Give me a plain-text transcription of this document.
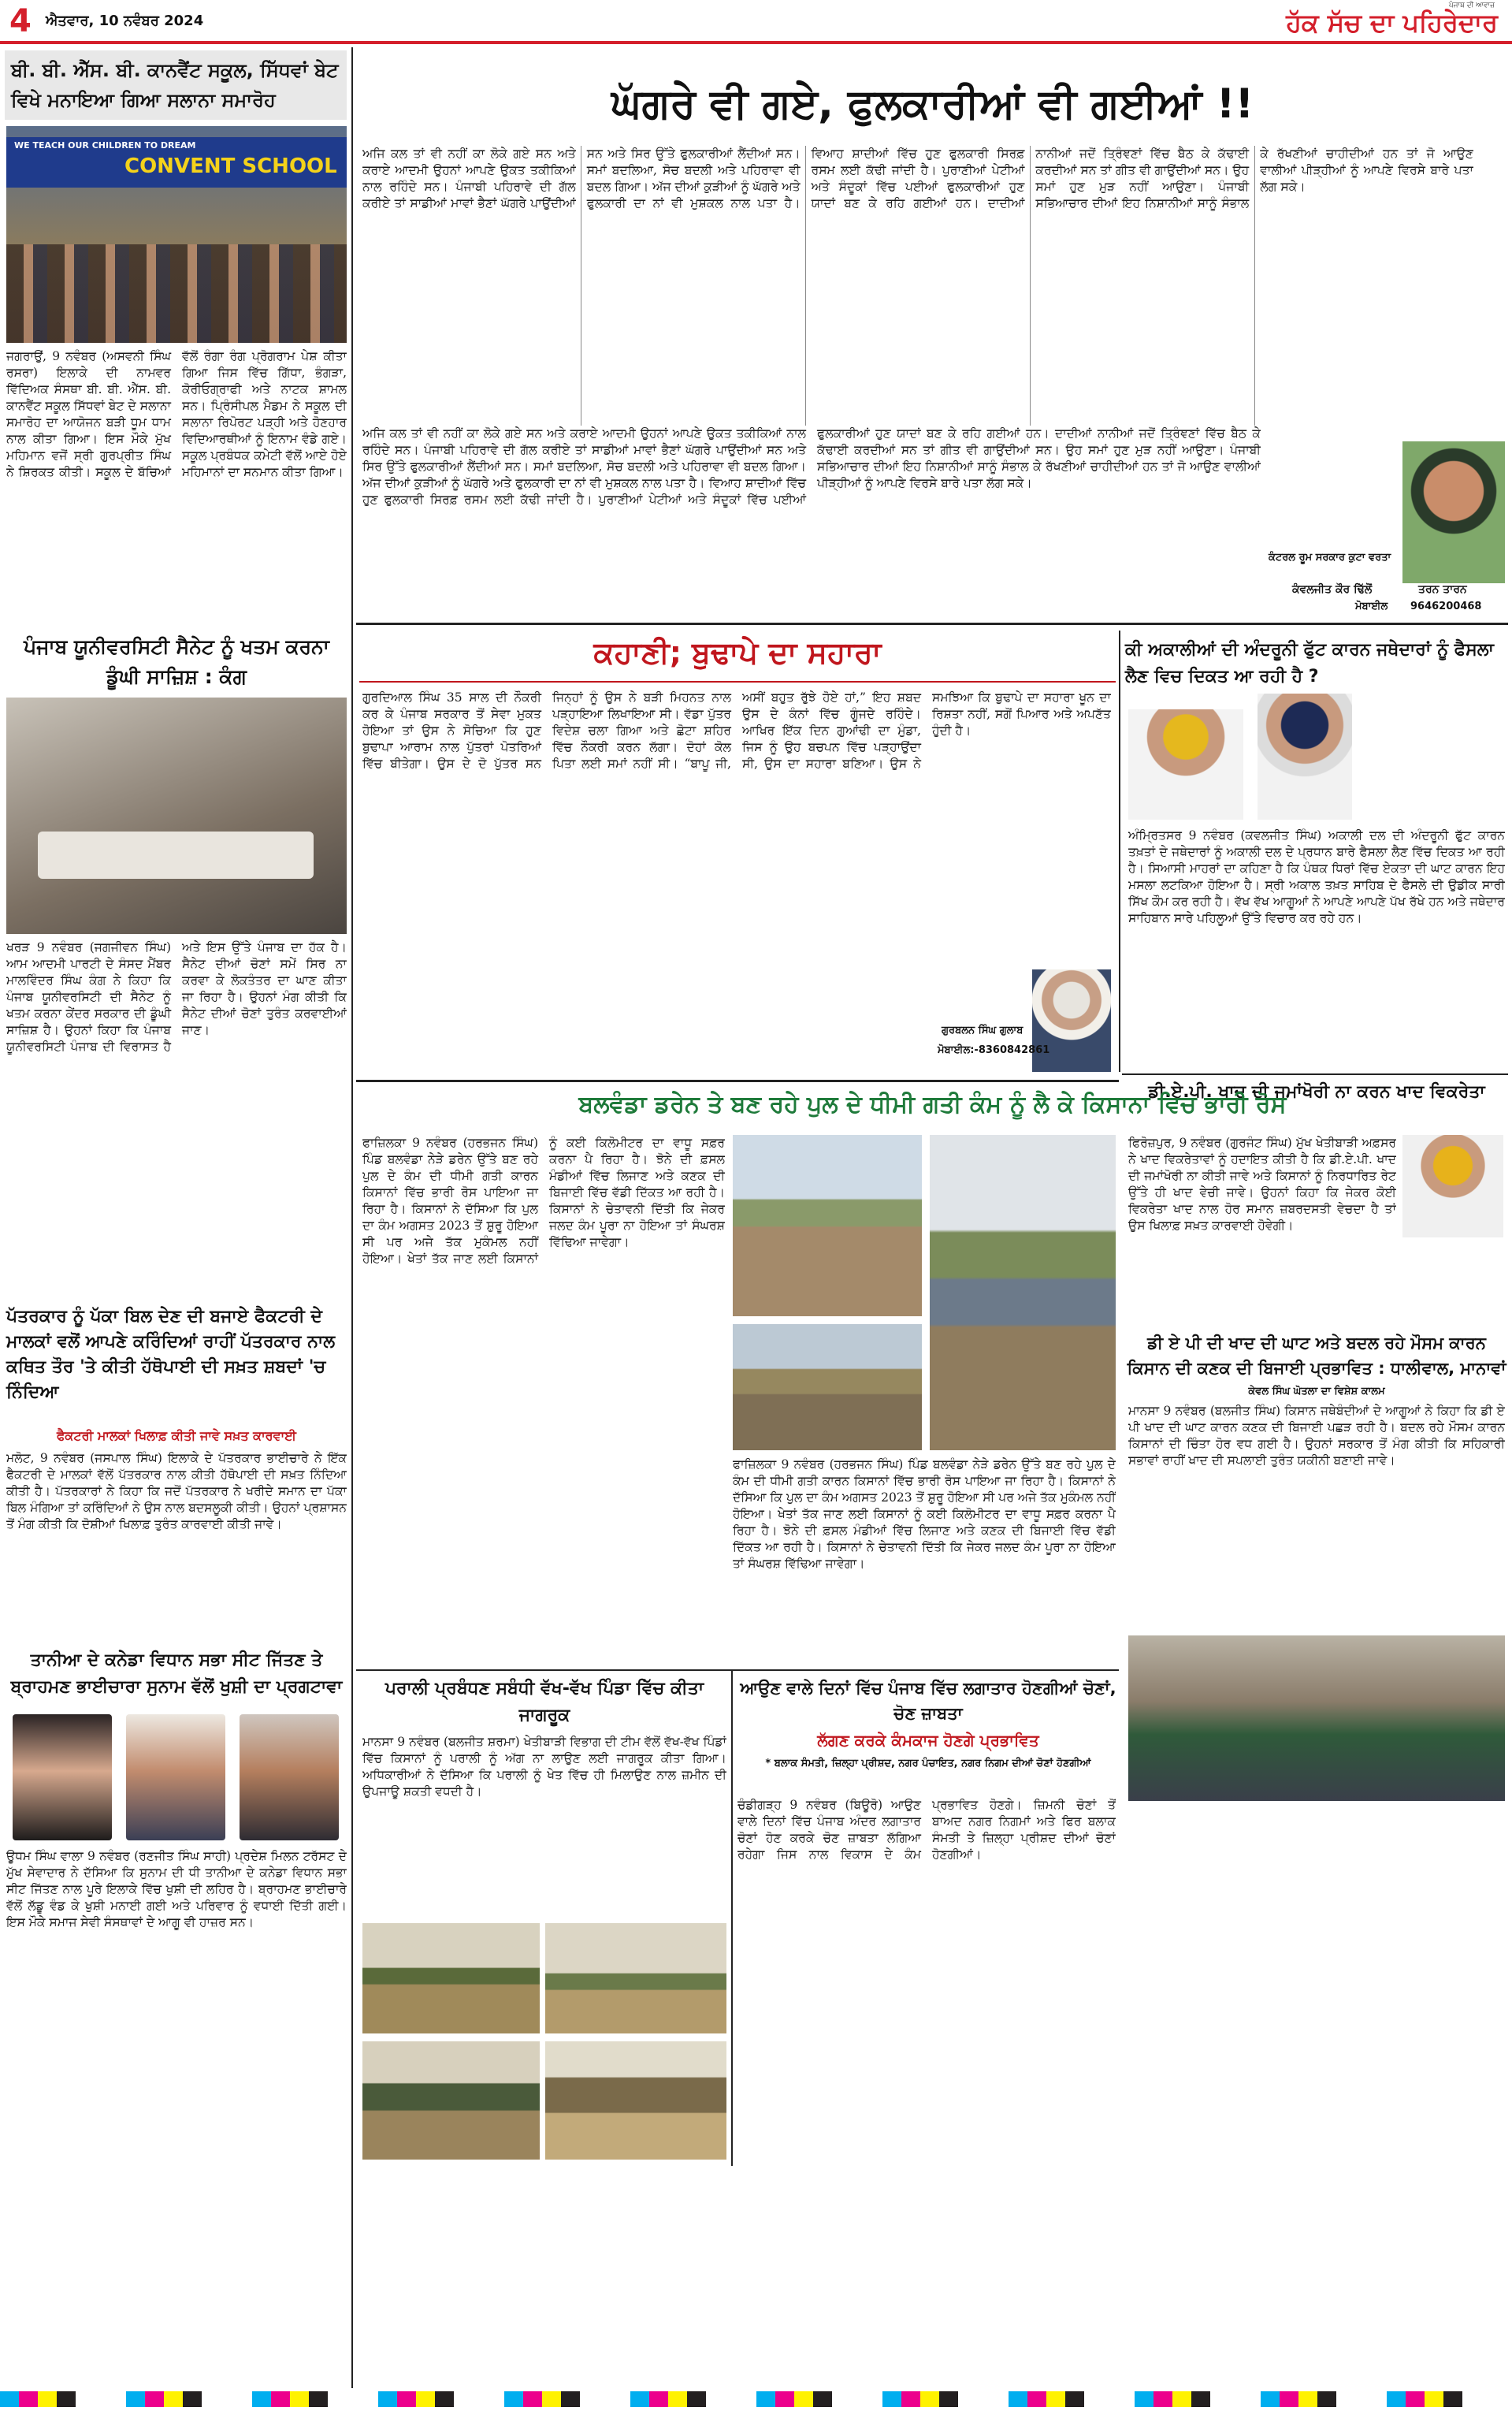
4 ਐਤਵਾਰ, 10 ਨਵੰਬਰ 2024
ਪੰਜਾਬ ਦੀ ਆਵਾਜ਼
ਹੱਕ ਸੱਚ ਦਾ ਪਹਿਰੇਦਾਰ
ਬੀ. ਬੀ. ਐੱਸ. ਬੀ. ਕਾਨਵੈਂਟ ਸਕੂਲ, ਸਿੱਧਵਾਂ ਬੇਟ ਵਿਖੇ ਮਨਾਇਆ ਗਿਆ ਸਲਾਨਾ ਸਮਾਰੋਹ
WE TEACH OUR CHILDREN TO DREAM
CONVENT SCHOOL
ਜਗਰਾਉਂ, 9 ਨਵੰਬਰ (ਅਸਵਨੀ ਸਿੰਘ ਰਸਰਾ) ਇਲਾਕੇ ਦੀ ਨਾਮਵਰ ਵਿੱਦਿਅਕ ਸੰਸਥਾ ਬੀ. ਬੀ. ਐੱਸ. ਬੀ. ਕਾਨਵੈਂਟ ਸਕੂਲ ਸਿੱਧਵਾਂ ਬੇਟ ਦੇ ਸਲਾਨਾ ਸਮਾਰੋਹ ਦਾ ਆਯੋਜਨ ਬੜੀ ਧੂਮ ਧਾਮ ਨਾਲ ਕੀਤਾ ਗਿਆ। ਇਸ ਮੌਕੇ ਮੁੱਖ ਮਹਿਮਾਨ ਵਜੋਂ ਸ੍ਰੀ ਗੁਰਪ੍ਰੀਤ ਸਿੰਘ ਨੇ ਸ਼ਿਰਕਤ ਕੀਤੀ। ਸਕੂਲ ਦੇ ਬੱਚਿਆਂ ਵੱਲੋਂ ਰੰਗਾ ਰੰਗ ਪ੍ਰੋਗਰਾਮ ਪੇਸ਼ ਕੀਤਾ ਗਿਆ ਜਿਸ ਵਿੱਚ ਗਿੱਧਾ, ਭੰਗੜਾ, ਕੋਰੀਓਗ੍ਰਾਫੀ ਅਤੇ ਨਾਟਕ ਸ਼ਾਮਲ ਸਨ। ਪ੍ਰਿੰਸੀਪਲ ਮੈਡਮ ਨੇ ਸਕੂਲ ਦੀ ਸਲਾਨਾ ਰਿਪੋਰਟ ਪੜ੍ਹੀ ਅਤੇ ਹੋਣਹਾਰ ਵਿਦਿਆਰਥੀਆਂ ਨੂੰ ਇਨਾਮ ਵੰਡੇ ਗਏ। ਸਕੂਲ ਪ੍ਰਬੰਧਕ ਕਮੇਟੀ ਵੱਲੋਂ ਆਏ ਹੋਏ ਮਹਿਮਾਨਾਂ ਦਾ ਸਨਮਾਨ ਕੀਤਾ ਗਿਆ।
ਪੰਜਾਬ ਯੂਨੀਵਰਸਿਟੀ ਸੈਨੇਟ ਨੂੰ ਖਤਮ ਕਰਨਾ ਡੂੰਘੀ ਸਾਜ਼ਿਸ਼ : ਕੰਗ
ਖਰੜ 9 ਨਵੰਬਰ (ਜਗਜੀਵਨ ਸਿੰਘ) ਆਮ ਆਦਮੀ ਪਾਰਟੀ ਦੇ ਸੰਸਦ ਮੈਂਬਰ ਮਾਲਵਿੰਦਰ ਸਿੰਘ ਕੰਗ ਨੇ ਕਿਹਾ ਕਿ ਪੰਜਾਬ ਯੂਨੀਵਰਸਿਟੀ ਦੀ ਸੈਨੇਟ ਨੂੰ ਖਤਮ ਕਰਨਾ ਕੇਂਦਰ ਸਰਕਾਰ ਦੀ ਡੂੰਘੀ ਸਾਜ਼ਿਸ਼ ਹੈ। ਉਹਨਾਂ ਕਿਹਾ ਕਿ ਪੰਜਾਬ ਯੂਨੀਵਰਸਿਟੀ ਪੰਜਾਬ ਦੀ ਵਿਰਾਸਤ ਹੈ ਅਤੇ ਇਸ ਉੱਤੇ ਪੰਜਾਬ ਦਾ ਹੱਕ ਹੈ। ਸੈਨੇਟ ਦੀਆਂ ਚੋਣਾਂ ਸਮੇਂ ਸਿਰ ਨਾ ਕਰਵਾ ਕੇ ਲੋਕਤੰਤਰ ਦਾ ਘਾਣ ਕੀਤਾ ਜਾ ਰਿਹਾ ਹੈ। ਉਹਨਾਂ ਮੰਗ ਕੀਤੀ ਕਿ ਸੈਨੇਟ ਦੀਆਂ ਚੋਣਾਂ ਤੁਰੰਤ ਕਰਵਾਈਆਂ ਜਾਣ।
ਪੱਤਰਕਾਰ ਨੂੰ ਪੱਕਾ ਬਿਲ ਦੇਣ ਦੀ ਬਜਾਏ ਫੈਕਟਰੀ ਦੇ ਮਾਲਕਾਂ ਵਲੋਂ ਆਪਣੇ ਕਰਿੰਦਿਆਂ ਰਾਹੀਂ ਪੱਤਰਕਾਰ ਨਾਲ ਕਥਿਤ ਤੌਰ 'ਤੇ ਕੀਤੀ ਹੱਥੋਪਾਈ ਦੀ ਸਖ਼ਤ ਸ਼ਬਦਾਂ 'ਚ ਨਿੰਦਿਆ
ਫੈਕਟਰੀ ਮਾਲਕਾਂ ਖਿਲਾਫ਼ ਕੀਤੀ ਜਾਵੇ ਸਖ਼ਤ ਕਾਰਵਾਈ
ਮਲੋਟ, 9 ਨਵੰਬਰ (ਜਸਪਾਲ ਸਿੰਘ) ਇਲਾਕੇ ਦੇ ਪੱਤਰਕਾਰ ਭਾਈਚਾਰੇ ਨੇ ਇੱਕ ਫੈਕਟਰੀ ਦੇ ਮਾਲਕਾਂ ਵੱਲੋਂ ਪੱਤਰਕਾਰ ਨਾਲ ਕੀਤੀ ਹੱਥੋਪਾਈ ਦੀ ਸਖ਼ਤ ਨਿੰਦਿਆ ਕੀਤੀ ਹੈ। ਪੱਤਰਕਾਰਾਂ ਨੇ ਕਿਹਾ ਕਿ ਜਦੋਂ ਪੱਤਰਕਾਰ ਨੇ ਖਰੀਦੇ ਸਮਾਨ ਦਾ ਪੱਕਾ ਬਿਲ ਮੰਗਿਆ ਤਾਂ ਕਰਿੰਦਿਆਂ ਨੇ ਉਸ ਨਾਲ ਬਦਸਲੂਕੀ ਕੀਤੀ। ਉਹਨਾਂ ਪ੍ਰਸ਼ਾਸਨ ਤੋਂ ਮੰਗ ਕੀਤੀ ਕਿ ਦੋਸ਼ੀਆਂ ਖਿਲਾਫ਼ ਤੁਰੰਤ ਕਾਰਵਾਈ ਕੀਤੀ ਜਾਵੇ।
ਤਾਨੀਆ ਦੇ ਕਨੇਡਾ ਵਿਧਾਨ ਸਭਾ ਸੀਟ ਜਿੱਤਣ ਤੇ ਬ੍ਰਾਹਮਣ ਭਾਈਚਾਰਾ ਸੁਨਾਮ ਵੱਲੋਂ ਖੁਸ਼ੀ ਦਾ ਪ੍ਰਗਟਾਵਾ
ਊਧਮ ਸਿੰਘ ਵਾਲਾ 9 ਨਵੰਬਰ (ਰਣਜੀਤ ਸਿੰਘ ਸਾਹੀ) ਪ੍ਰਦੇਸ਼ ਮਿਲਨ ਟਰੱਸਟ ਦੇ ਮੁੱਖ ਸੇਵਾਦਾਰ ਨੇ ਦੱਸਿਆ ਕਿ ਸੁਨਾਮ ਦੀ ਧੀ ਤਾਨੀਆ ਦੇ ਕਨੇਡਾ ਵਿਧਾਨ ਸਭਾ ਸੀਟ ਜਿੱਤਣ ਨਾਲ ਪੂਰੇ ਇਲਾਕੇ ਵਿੱਚ ਖੁਸ਼ੀ ਦੀ ਲਹਿਰ ਹੈ। ਬ੍ਰਾਹਮਣ ਭਾਈਚਾਰੇ ਵੱਲੋਂ ਲੱਡੂ ਵੰਡ ਕੇ ਖੁਸ਼ੀ ਮਨਾਈ ਗਈ ਅਤੇ ਪਰਿਵਾਰ ਨੂੰ ਵਧਾਈ ਦਿੱਤੀ ਗਈ। ਇਸ ਮੌਕੇ ਸਮਾਜ ਸੇਵੀ ਸੰਸਥਾਵਾਂ ਦੇ ਆਗੂ ਵੀ ਹਾਜ਼ਰ ਸਨ।
ਘੱਗਰੇ ਵੀ ਗਏ, ਫੁਲਕਾਰੀਆਂ ਵੀ ਗਈਆਂ !!
ਅਜਿ ਕਲ ਤਾਂ ਵੀ ਨਹੀਂ ਕਾ ਲੋਕੇ ਗਏ ਸਨ ਅਤੇ ਕਰਾਏ ਆਦਮੀ ਉਹਨਾਂ ਆਪਣੇ ਉਕਤ ਤਕੀਕਿਆਂ ਨਾਲ ਰਹਿੰਦੇ ਸਨ। ਪੰਜਾਬੀ ਪਹਿਰਾਵੇ ਦੀ ਗੱਲ ਕਰੀਏ ਤਾਂ ਸਾਡੀਆਂ ਮਾਵਾਂ ਭੈਣਾਂ ਘੱਗਰੇ ਪਾਉਂਦੀਆਂ ਸਨ ਅਤੇ ਸਿਰ ਉੱਤੇ ਫੁਲਕਾਰੀਆਂ ਲੈਂਦੀਆਂ ਸਨ। ਸਮਾਂ ਬਦਲਿਆ, ਸੋਚ ਬਦਲੀ ਅਤੇ ਪਹਿਰਾਵਾ ਵੀ ਬਦਲ ਗਿਆ। ਅੱਜ ਦੀਆਂ ਕੁੜੀਆਂ ਨੂੰ ਘੱਗਰੇ ਅਤੇ ਫੁਲਕਾਰੀ ਦਾ ਨਾਂ ਵੀ ਮੁਸ਼ਕਲ ਨਾਲ ਪਤਾ ਹੈ। ਵਿਆਹ ਸ਼ਾਦੀਆਂ ਵਿੱਚ ਹੁਣ ਫੁਲਕਾਰੀ ਸਿਰਫ਼ ਰਸਮ ਲਈ ਕੱਢੀ ਜਾਂਦੀ ਹੈ। ਪੁਰਾਣੀਆਂ ਪੇਟੀਆਂ ਅਤੇ ਸੰਦੂਕਾਂ ਵਿੱਚ ਪਈਆਂ ਫੁਲਕਾਰੀਆਂ ਹੁਣ ਯਾਦਾਂ ਬਣ ਕੇ ਰਹਿ ਗਈਆਂ ਹਨ। ਦਾਦੀਆਂ ਨਾਨੀਆਂ ਜਦੋਂ ਤ੍ਰਿੰਞਣਾਂ ਵਿੱਚ ਬੈਠ ਕੇ ਕੱਢਾਈ ਕਰਦੀਆਂ ਸਨ ਤਾਂ ਗੀਤ ਵੀ ਗਾਉਂਦੀਆਂ ਸਨ। ਉਹ ਸਮਾਂ ਹੁਣ ਮੁੜ ਨਹੀਂ ਆਉਣਾ। ਪੰਜਾਬੀ ਸਭਿਆਚਾਰ ਦੀਆਂ ਇਹ ਨਿਸ਼ਾਨੀਆਂ ਸਾਨੂੰ ਸੰਭਾਲ ਕੇ ਰੱਖਣੀਆਂ ਚਾਹੀਦੀਆਂ ਹਨ ਤਾਂ ਜੋ ਆਉਣ ਵਾਲੀਆਂ ਪੀੜ੍ਹੀਆਂ ਨੂੰ ਆਪਣੇ ਵਿਰਸੇ ਬਾਰੇ ਪਤਾ ਲੱਗ ਸਕੇ।
ਅਜਿ ਕਲ ਤਾਂ ਵੀ ਨਹੀਂ ਕਾ ਲੋਕੇ ਗਏ ਸਨ ਅਤੇ ਕਰਾਏ ਆਦਮੀ ਉਹਨਾਂ ਆਪਣੇ ਉਕਤ ਤਕੀਕਿਆਂ ਨਾਲ ਰਹਿੰਦੇ ਸਨ। ਪੰਜਾਬੀ ਪਹਿਰਾਵੇ ਦੀ ਗੱਲ ਕਰੀਏ ਤਾਂ ਸਾਡੀਆਂ ਮਾਵਾਂ ਭੈਣਾਂ ਘੱਗਰੇ ਪਾਉਂਦੀਆਂ ਸਨ ਅਤੇ ਸਿਰ ਉੱਤੇ ਫੁਲਕਾਰੀਆਂ ਲੈਂਦੀਆਂ ਸਨ। ਸਮਾਂ ਬਦਲਿਆ, ਸੋਚ ਬਦਲੀ ਅਤੇ ਪਹਿਰਾਵਾ ਵੀ ਬਦਲ ਗਿਆ। ਅੱਜ ਦੀਆਂ ਕੁੜੀਆਂ ਨੂੰ ਘੱਗਰੇ ਅਤੇ ਫੁਲਕਾਰੀ ਦਾ ਨਾਂ ਵੀ ਮੁਸ਼ਕਲ ਨਾਲ ਪਤਾ ਹੈ। ਵਿਆਹ ਸ਼ਾਦੀਆਂ ਵਿੱਚ ਹੁਣ ਫੁਲਕਾਰੀ ਸਿਰਫ਼ ਰਸਮ ਲਈ ਕੱਢੀ ਜਾਂਦੀ ਹੈ। ਪੁਰਾਣੀਆਂ ਪੇਟੀਆਂ ਅਤੇ ਸੰਦੂਕਾਂ ਵਿੱਚ ਪਈਆਂ ਫੁਲਕਾਰੀਆਂ ਹੁਣ ਯਾਦਾਂ ਬਣ ਕੇ ਰਹਿ ਗਈਆਂ ਹਨ। ਦਾਦੀਆਂ ਨਾਨੀਆਂ ਜਦੋਂ ਤ੍ਰਿੰਞਣਾਂ ਵਿੱਚ ਬੈਠ ਕੇ ਕੱਢਾਈ ਕਰਦੀਆਂ ਸਨ ਤਾਂ ਗੀਤ ਵੀ ਗਾਉਂਦੀਆਂ ਸਨ। ਉਹ ਸਮਾਂ ਹੁਣ ਮੁੜ ਨਹੀਂ ਆਉਣਾ। ਪੰਜਾਬੀ ਸਭਿਆਚਾਰ ਦੀਆਂ ਇਹ ਨਿਸ਼ਾਨੀਆਂ ਸਾਨੂੰ ਸੰਭਾਲ ਕੇ ਰੱਖਣੀਆਂ ਚਾਹੀਦੀਆਂ ਹਨ ਤਾਂ ਜੋ ਆਉਣ ਵਾਲੀਆਂ ਪੀੜ੍ਹੀਆਂ ਨੂੰ ਆਪਣੇ ਵਿਰਸੇ ਬਾਰੇ ਪਤਾ ਲੱਗ ਸਕੇ।
ਕੰਵਲਜੀਤ ਕੌਰ ਢਿੱਲੋਂ	ਤਰਨ ਤਾਰਨ
ਮੋਬਾਈਲ 9646200468
ਕੰਟਰਲ ਰੂਮ ਸਰਕਾਰ ਕੁਟਾ ਵਰਤਾ
ਕਹਾਣੀ; ਬੁਢਾਪੇ ਦਾ ਸਹਾਰਾ
ਗੁਰਦਿਆਲ ਸਿੰਘ 35 ਸਾਲ ਦੀ ਨੌਕਰੀ ਕਰ ਕੇ ਪੰਜਾਬ ਸਰਕਾਰ ਤੋਂ ਸੇਵਾ ਮੁਕਤ ਹੋਇਆ ਤਾਂ ਉਸ ਨੇ ਸੋਚਿਆ ਕਿ ਹੁਣ ਬੁਢਾਪਾ ਆਰਾਮ ਨਾਲ ਪੁੱਤਰਾਂ ਪੋਤਰਿਆਂ ਵਿੱਚ ਬੀਤੇਗਾ। ਉਸ ਦੇ ਦੋ ਪੁੱਤਰ ਸਨ ਜਿਨ੍ਹਾਂ ਨੂੰ ਉਸ ਨੇ ਬੜੀ ਮਿਹਨਤ ਨਾਲ ਪੜ੍ਹਾਇਆ ਲਿਖਾਇਆ ਸੀ। ਵੱਡਾ ਪੁੱਤਰ ਵਿਦੇਸ਼ ਚਲਾ ਗਿਆ ਅਤੇ ਛੋਟਾ ਸ਼ਹਿਰ ਵਿੱਚ ਨੌਕਰੀ ਕਰਨ ਲੱਗਾ। ਦੋਹਾਂ ਕੋਲ ਪਿਤਾ ਲਈ ਸਮਾਂ ਨਹੀਂ ਸੀ। “ਬਾਪੂ ਜੀ, ਅਸੀਂ ਬਹੁਤ ਰੁੱਝੇ ਹੋਏ ਹਾਂ,” ਇਹ ਸ਼ਬਦ ਉਸ ਦੇ ਕੰਨਾਂ ਵਿੱਚ ਗੂੰਜਦੇ ਰਹਿੰਦੇ। ਆਖਿਰ ਇੱਕ ਦਿਨ ਗੁਆਂਢੀ ਦਾ ਮੁੰਡਾ, ਜਿਸ ਨੂੰ ਉਹ ਬਚਪਨ ਵਿੱਚ ਪੜ੍ਹਾਉਂਦਾ ਸੀ, ਉਸ ਦਾ ਸਹਾਰਾ ਬਣਿਆ। ਉਸ ਨੇ ਸਮਝਿਆ ਕਿ ਬੁਢਾਪੇ ਦਾ ਸਹਾਰਾ ਖੂਨ ਦਾ ਰਿਸ਼ਤਾ ਨਹੀਂ, ਸਗੋਂ ਪਿਆਰ ਅਤੇ ਅਪਣੱਤ ਹੁੰਦੀ ਹੈ।
ਗੁਰਬਲਨ ਸਿੰਘ ਗੁਲਾਬ
ਮੋਬਾਈਲ:-8360842861
ਕੀ ਅਕਾਲੀਆਂ ਦੀ ਅੰਦਰੂਨੀ ਫੁੱਟ ਕਾਰਨ ਜਥੇਦਾਰਾਂ ਨੂੰ ਫੈਸਲਾ ਲੈਣ ਵਿਚ ਦਿਕਤ ਆ ਰਹੀ ਹੈ ?
ਅੰਮ੍ਰਿਤਸਰ 9 ਨਵੰਬਰ (ਕਵਲਜੀਤ ਸਿੰਘ) ਅਕਾਲੀ ਦਲ ਦੀ ਅੰਦਰੂਨੀ ਫੁੱਟ ਕਾਰਨ ਤਖ਼ਤਾਂ ਦੇ ਜਥੇਦਾਰਾਂ ਨੂੰ ਅਕਾਲੀ ਦਲ ਦੇ ਪ੍ਰਧਾਨ ਬਾਰੇ ਫੈਸਲਾ ਲੈਣ ਵਿੱਚ ਦਿਕਤ ਆ ਰਹੀ ਹੈ। ਸਿਆਸੀ ਮਾਹਰਾਂ ਦਾ ਕਹਿਣਾ ਹੈ ਕਿ ਪੰਥਕ ਧਿਰਾਂ ਵਿੱਚ ਏਕਤਾ ਦੀ ਘਾਟ ਕਾਰਨ ਇਹ ਮਸਲਾ ਲਟਕਿਆ ਹੋਇਆ ਹੈ। ਸ੍ਰੀ ਅਕਾਲ ਤਖ਼ਤ ਸਾਹਿਬ ਦੇ ਫੈਸਲੇ ਦੀ ਉਡੀਕ ਸਾਰੀ ਸਿੱਖ ਕੌਮ ਕਰ ਰਹੀ ਹੈ। ਵੱਖ ਵੱਖ ਆਗੂਆਂ ਨੇ ਆਪਣੇ ਆਪਣੇ ਪੱਖ ਰੱਖੇ ਹਨ ਅਤੇ ਜਥੇਦਾਰ ਸਾਹਿਬਾਨ ਸਾਰੇ ਪਹਿਲੂਆਂ ਉੱਤੇ ਵਿਚਾਰ ਕਰ ਰਹੇ ਹਨ।
ਡੀ.ਏ.ਪੀ. ਖਾਦ ਦੀ ਜਮਾਂਖੋਰੀ ਨਾ ਕਰਨ ਖਾਦ ਵਿਕਰੇਤਾ
ਫਿਰੋਜ਼ਪੁਰ, 9 ਨਵੰਬਰ (ਗੁਰਜੰਟ ਸਿੰਘ) ਮੁੱਖ ਖੇਤੀਬਾੜੀ ਅਫ਼ਸਰ ਨੇ ਖਾਦ ਵਿਕਰੇਤਾਵਾਂ ਨੂੰ ਹਦਾਇਤ ਕੀਤੀ ਹੈ ਕਿ ਡੀ.ਏ.ਪੀ. ਖਾਦ ਦੀ ਜਮਾਂਖੋਰੀ ਨਾ ਕੀਤੀ ਜਾਵੇ ਅਤੇ ਕਿਸਾਨਾਂ ਨੂੰ ਨਿਰਧਾਰਿਤ ਰੇਟ ਉੱਤੇ ਹੀ ਖਾਦ ਵੇਚੀ ਜਾਵੇ। ਉਹਨਾਂ ਕਿਹਾ ਕਿ ਜੇਕਰ ਕੋਈ ਵਿਕਰੇਤਾ ਖਾਦ ਨਾਲ ਹੋਰ ਸਮਾਨ ਜ਼ਬਰਦਸਤੀ ਵੇਚਦਾ ਹੈ ਤਾਂ ਉਸ ਖਿਲਾਫ਼ ਸਖ਼ਤ ਕਾਰਵਾਈ ਹੋਵੇਗੀ।
ਡੀ ਏ ਪੀ ਦੀ ਖਾਦ ਦੀ ਘਾਟ ਅਤੇ ਬਦਲ ਰਹੇ ਮੌਸਮ ਕਾਰਨ ਕਿਸਾਨ ਦੀ ਕਣਕ ਦੀ ਬਿਜਾਈ ਪ੍ਰਭਾਵਿਤ : ਧਾਲੀਵਾਲ, ਮਾਨਾਵਾਂ
ਕੇਵਲ ਸਿੰਘ ਘੋਤਲਾ ਦਾ ਵਿਸ਼ੇਸ਼ ਕਾਲਮ
ਮਾਨਸਾ 9 ਨਵੰਬਰ (ਬਲਜੀਤ ਸਿੰਘ) ਕਿਸਾਨ ਜਥੇਬੰਦੀਆਂ ਦੇ ਆਗੂਆਂ ਨੇ ਕਿਹਾ ਕਿ ਡੀ ਏ ਪੀ ਖਾਦ ਦੀ ਘਾਟ ਕਾਰਨ ਕਣਕ ਦੀ ਬਿਜਾਈ ਪਛੜ ਰਹੀ ਹੈ। ਬਦਲ ਰਹੇ ਮੌਸਮ ਕਾਰਨ ਕਿਸਾਨਾਂ ਦੀ ਚਿੰਤਾ ਹੋਰ ਵਧ ਗਈ ਹੈ। ਉਹਨਾਂ ਸਰਕਾਰ ਤੋਂ ਮੰਗ ਕੀਤੀ ਕਿ ਸਹਿਕਾਰੀ ਸਭਾਵਾਂ ਰਾਹੀਂ ਖਾਦ ਦੀ ਸਪਲਾਈ ਤੁਰੰਤ ਯਕੀਨੀ ਬਣਾਈ ਜਾਵੇ।
ਬਲਵੰਡਾ ਡਰੇਨ ਤੇ ਬਣ ਰਹੇ ਪੁਲ ਦੇ ਧੀਮੀ ਗਤੀ ਕੰਮ ਨੂੰ ਲੈ ਕੇ ਕਿਸਾਨਾ ਵਿਚ ਭਾਰੀ ਰੋਸ
ਫਾਜ਼ਿਲਕਾ 9 ਨਵੰਬਰ (ਹਰਭਜਨ ਸਿੰਘ) ਪਿੰਡ ਬਲਵੰਡਾ ਨੇੜੇ ਡਰੇਨ ਉੱਤੇ ਬਣ ਰਹੇ ਪੁਲ ਦੇ ਕੰਮ ਦੀ ਧੀਮੀ ਗਤੀ ਕਾਰਨ ਕਿਸਾਨਾਂ ਵਿੱਚ ਭਾਰੀ ਰੋਸ ਪਾਇਆ ਜਾ ਰਿਹਾ ਹੈ। ਕਿਸਾਨਾਂ ਨੇ ਦੱਸਿਆ ਕਿ ਪੁਲ ਦਾ ਕੰਮ ਅਗਸਤ 2023 ਤੋਂ ਸ਼ੁਰੂ ਹੋਇਆ ਸੀ ਪਰ ਅਜੇ ਤੱਕ ਮੁਕੰਮਲ ਨਹੀਂ ਹੋਇਆ। ਖੇਤਾਂ ਤੱਕ ਜਾਣ ਲਈ ਕਿਸਾਨਾਂ ਨੂੰ ਕਈ ਕਿਲੋਮੀਟਰ ਦਾ ਵਾਧੂ ਸਫ਼ਰ ਕਰਨਾ ਪੈ ਰਿਹਾ ਹੈ। ਝੋਨੇ ਦੀ ਫ਼ਸਲ ਮੰਡੀਆਂ ਵਿੱਚ ਲਿਜਾਣ ਅਤੇ ਕਣਕ ਦੀ ਬਿਜਾਈ ਵਿੱਚ ਵੱਡੀ ਦਿੱਕਤ ਆ ਰਹੀ ਹੈ। ਕਿਸਾਨਾਂ ਨੇ ਚੇਤਾਵਨੀ ਦਿੱਤੀ ਕਿ ਜੇਕਰ ਜਲਦ ਕੰਮ ਪੂਰਾ ਨਾ ਹੋਇਆ ਤਾਂ ਸੰਘਰਸ਼ ਵਿੱਢਿਆ ਜਾਵੇਗਾ।
ਫਾਜ਼ਿਲਕਾ 9 ਨਵੰਬਰ (ਹਰਭਜਨ ਸਿੰਘ) ਪਿੰਡ ਬਲਵੰਡਾ ਨੇੜੇ ਡਰੇਨ ਉੱਤੇ ਬਣ ਰਹੇ ਪੁਲ ਦੇ ਕੰਮ ਦੀ ਧੀਮੀ ਗਤੀ ਕਾਰਨ ਕਿਸਾਨਾਂ ਵਿੱਚ ਭਾਰੀ ਰੋਸ ਪਾਇਆ ਜਾ ਰਿਹਾ ਹੈ। ਕਿਸਾਨਾਂ ਨੇ ਦੱਸਿਆ ਕਿ ਪੁਲ ਦਾ ਕੰਮ ਅਗਸਤ 2023 ਤੋਂ ਸ਼ੁਰੂ ਹੋਇਆ ਸੀ ਪਰ ਅਜੇ ਤੱਕ ਮੁਕੰਮਲ ਨਹੀਂ ਹੋਇਆ। ਖੇਤਾਂ ਤੱਕ ਜਾਣ ਲਈ ਕਿਸਾਨਾਂ ਨੂੰ ਕਈ ਕਿਲੋਮੀਟਰ ਦਾ ਵਾਧੂ ਸਫ਼ਰ ਕਰਨਾ ਪੈ ਰਿਹਾ ਹੈ। ਝੋਨੇ ਦੀ ਫ਼ਸਲ ਮੰਡੀਆਂ ਵਿੱਚ ਲਿਜਾਣ ਅਤੇ ਕਣਕ ਦੀ ਬਿਜਾਈ ਵਿੱਚ ਵੱਡੀ ਦਿੱਕਤ ਆ ਰਹੀ ਹੈ। ਕਿਸਾਨਾਂ ਨੇ ਚੇਤਾਵਨੀ ਦਿੱਤੀ ਕਿ ਜੇਕਰ ਜਲਦ ਕੰਮ ਪੂਰਾ ਨਾ ਹੋਇਆ ਤਾਂ ਸੰਘਰਸ਼ ਵਿੱਢਿਆ ਜਾਵੇਗਾ।
ਪਰਾਲੀ ਪ੍ਰਬੰਧਣ ਸਬੰਧੀ ਵੱਖ-ਵੱਖ ਪਿੰਡਾ ਵਿੱਚ ਕੀਤਾ ਜਾਗਰੂਕ
ਮਾਨਸਾ 9 ਨਵੰਬਰ (ਬਲਜੀਤ ਸ਼ਰਮਾ) ਖੇਤੀਬਾੜੀ ਵਿਭਾਗ ਦੀ ਟੀਮ ਵੱਲੋਂ ਵੱਖ-ਵੱਖ ਪਿੰਡਾਂ ਵਿੱਚ ਕਿਸਾਨਾਂ ਨੂੰ ਪਰਾਲੀ ਨੂੰ ਅੱਗ ਨਾ ਲਾਉਣ ਲਈ ਜਾਗਰੂਕ ਕੀਤਾ ਗਿਆ। ਅਧਿਕਾਰੀਆਂ ਨੇ ਦੱਸਿਆ ਕਿ ਪਰਾਲੀ ਨੂੰ ਖੇਤ ਵਿੱਚ ਹੀ ਮਿਲਾਉਣ ਨਾਲ ਜ਼ਮੀਨ ਦੀ ਉਪਜਾਊ ਸ਼ਕਤੀ ਵਧਦੀ ਹੈ।
ਆਉਣ ਵਾਲੇ ਦਿਨਾਂ ਵਿੱਚ ਪੰਜਾਬ ਵਿੱਚ ਲਗਾਤਾਰ ਹੋਣਗੀਆਂ ਚੋਣਾਂ, ਚੋਣ ਜ਼ਾਬਤਾ
ਲੱਗਣ ਕਰਕੇ ਕੰਮਕਾਜ ਹੋਣਗੇ ਪ੍ਰਭਾਵਿਤ
* ਬਲਾਕ ਸੰਮਤੀ, ਜ਼ਿਲ੍ਹਾ ਪ੍ਰੀਸ਼ਦ, ਨਗਰ ਪੰਚਾਇਤ, ਨਗਰ ਨਿਗਮ ਦੀਆਂ ਚੋਣਾਂ ਹੋਣਗੀਆਂ
ਚੰਡੀਗੜ੍ਹ 9 ਨਵੰਬਰ (ਬਿਊਰੋ) ਆਉਣ ਵਾਲੇ ਦਿਨਾਂ ਵਿੱਚ ਪੰਜਾਬ ਅੰਦਰ ਲਗਾਤਾਰ ਚੋਣਾਂ ਹੋਣ ਕਰਕੇ ਚੋਣ ਜ਼ਾਬਤਾ ਲੱਗਿਆ ਰਹੇਗਾ ਜਿਸ ਨਾਲ ਵਿਕਾਸ ਦੇ ਕੰਮ ਪ੍ਰਭਾਵਿਤ ਹੋਣਗੇ। ਜ਼ਿਮਨੀ ਚੋਣਾਂ ਤੋਂ ਬਾਅਦ ਨਗਰ ਨਿਗਮਾਂ ਅਤੇ ਫਿਰ ਬਲਾਕ ਸੰਮਤੀ ਤੇ ਜ਼ਿਲ੍ਹਾ ਪ੍ਰੀਸ਼ਦ ਦੀਆਂ ਚੋਣਾਂ ਹੋਣਗੀਆਂ।
